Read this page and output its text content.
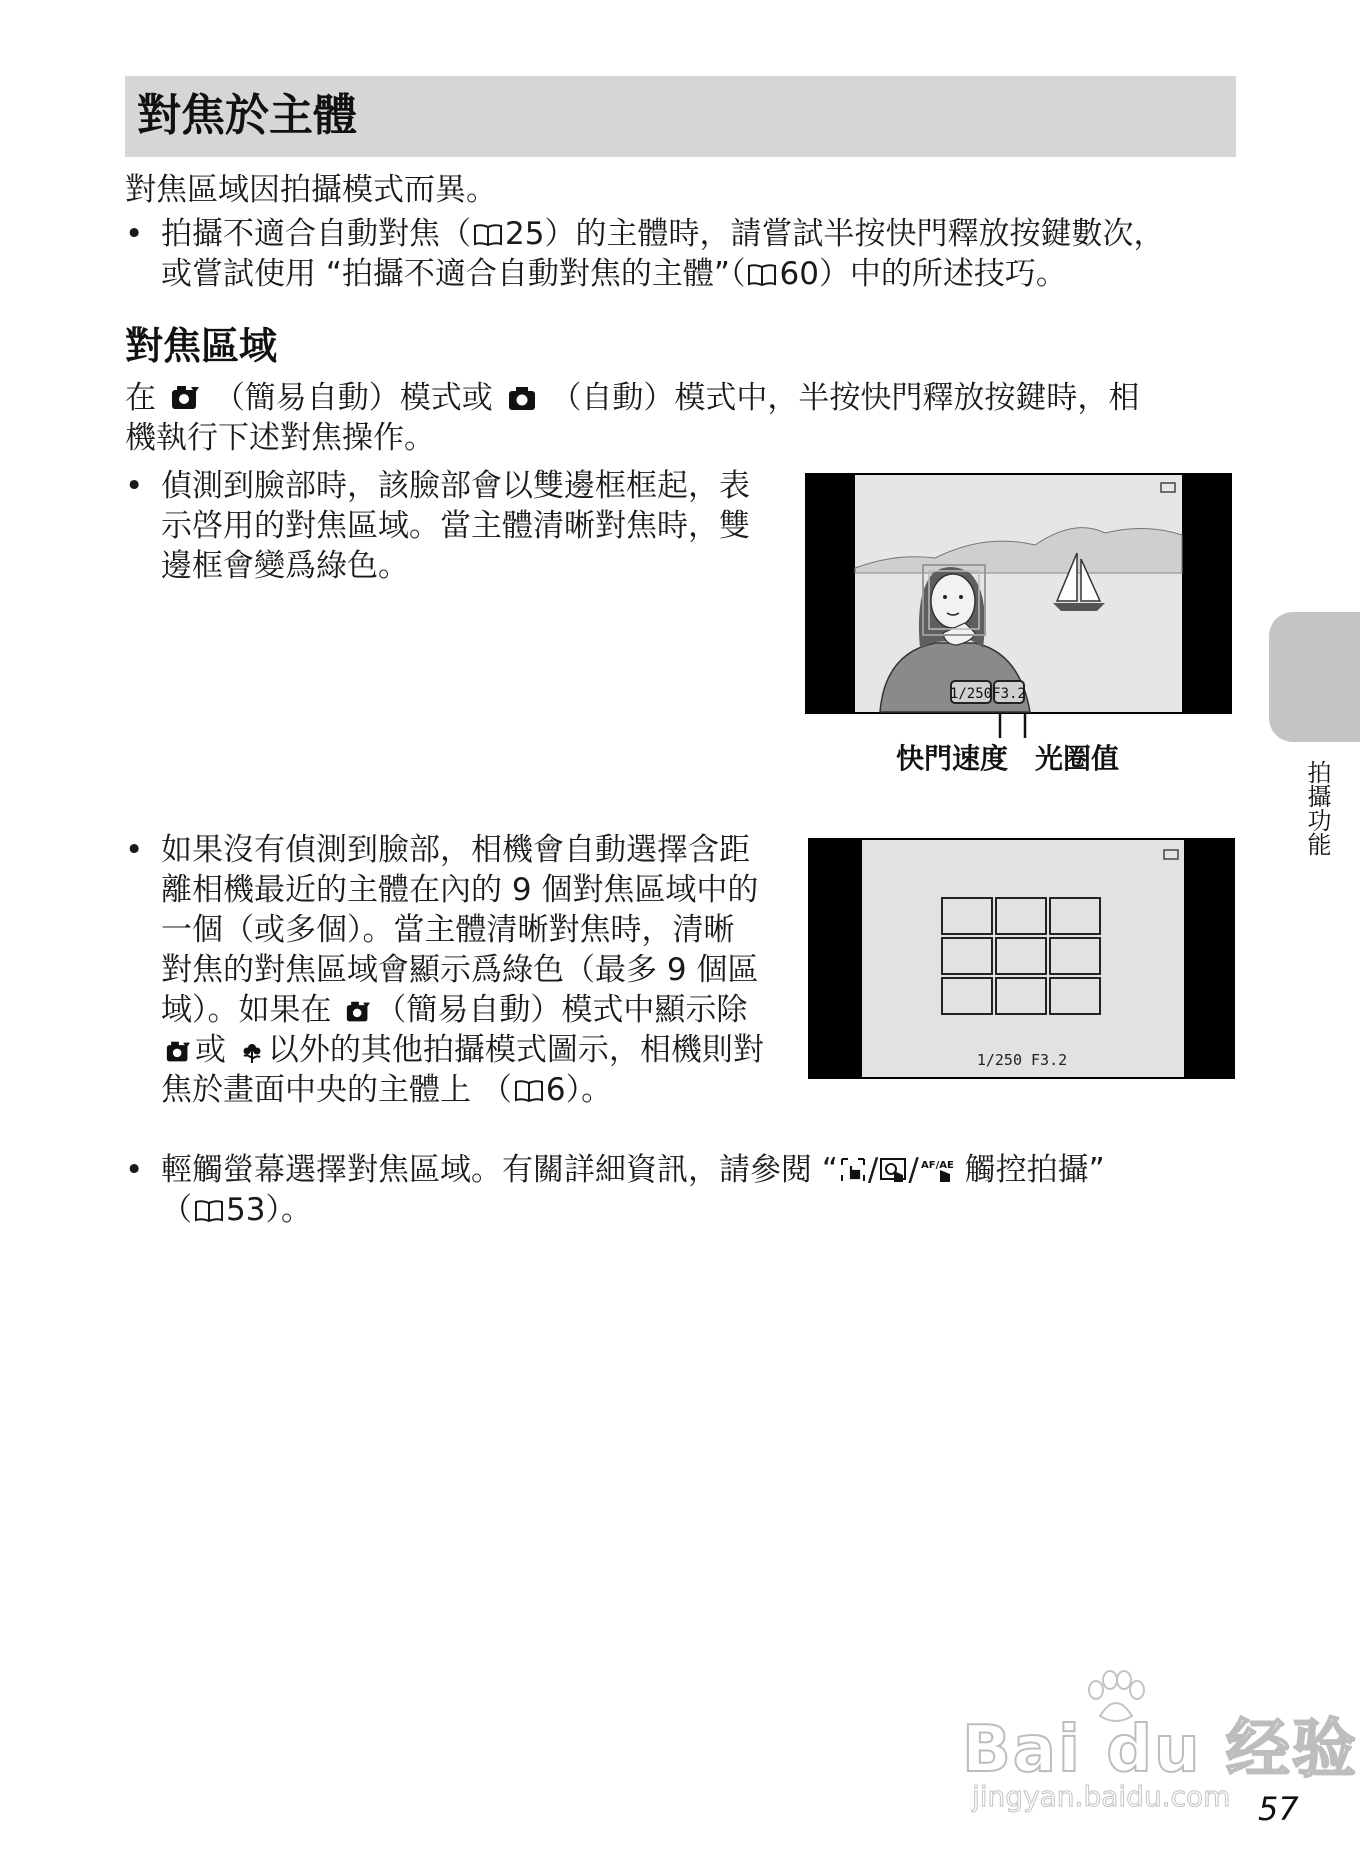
對焦於主體
對焦區域因拍攝模式而異。
• 拍攝不適合自動對焦（ 25）的主體時，請嘗試半按快門釋放按鍵數次，
或嘗試使用 “拍攝不適合自動對焦的主體”（ 60）中的所述技巧。
對焦區域
在 （簡易自動）模式或 （自動）模式中，半按快門釋放按鍵時，相
機執行下述對焦操作。
• 偵測到臉部時，該臉部會以雙邊框框起，表示啓用的對焦區域。當主體清晰對焦時，雙邊框會變爲綠色。
1/250 F3.2
快門速度 光圈值
• 如果沒有偵測到臉部，相機會自動選擇含距離相機最近的主體在內的 9 個對焦區域中的一個（或多個）。當主體清晰對焦時，清晰對焦的對焦區域會顯示爲綠色（最多 9 個區域）。如果在 （簡易自動）模式中顯示除 或 以外的其他拍攝模式圖示，相機則對焦於畫面中央的主體上 （ 6）。
1/250 F3.2
• 輕觸螢幕選擇對焦區域。有關詳細資訊，請參閱 “ / / AF/AE 觸控拍攝”
（ 53）。
拍攝功能
Bai du 经验
jingyan.baidu.com 57
